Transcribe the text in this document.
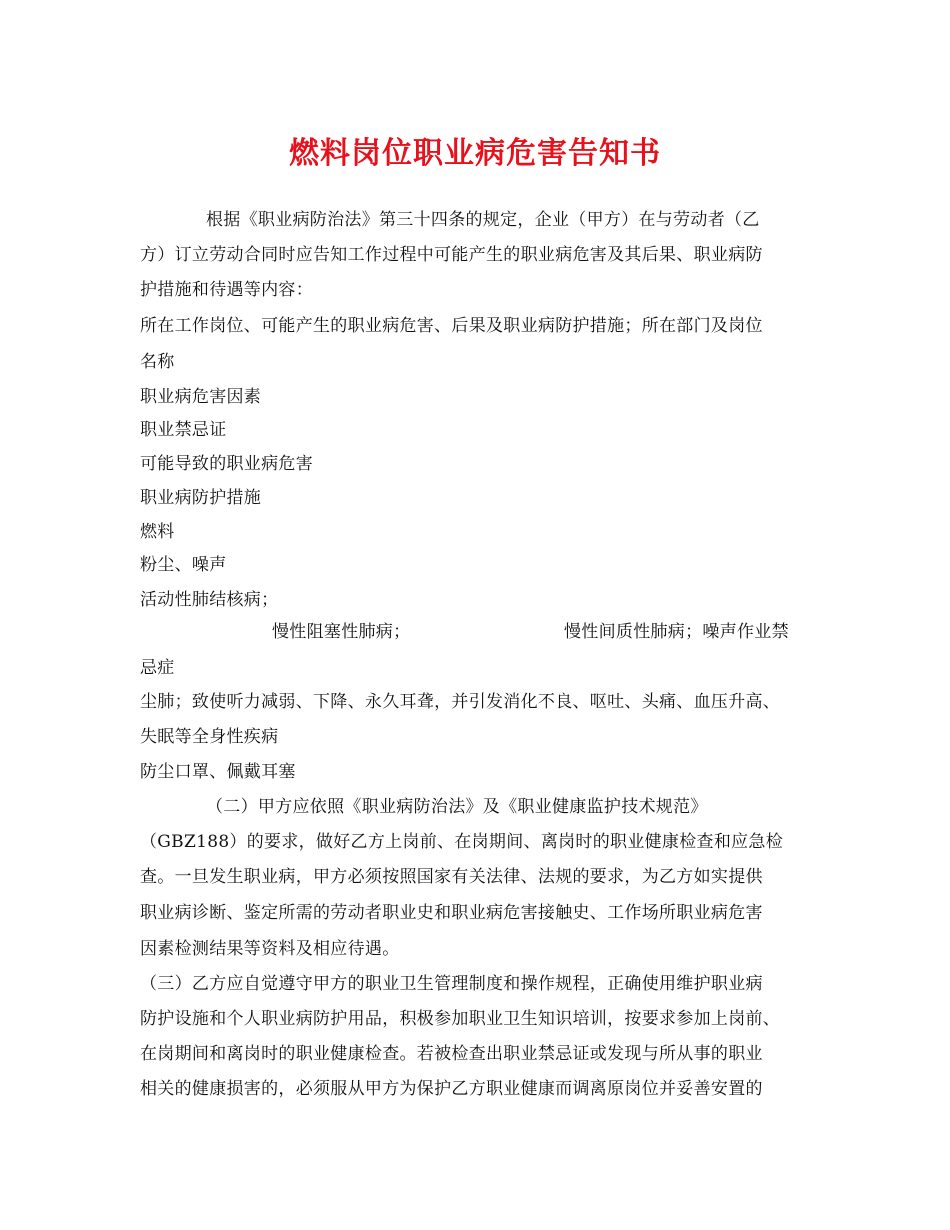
燃料岗位职业病危害告知书

根据《职业病防治法》第三十四条的规定，企业（甲方）在与劳动者（乙

方）订立劳动合同时应告知工作过程中可能产生的职业病危害及其后果、职业病防

护措施和待遇等内容：

所在工作岗位、可能产生的职业病危害、后果及职业病防护措施；所在部门及岗位

名称

职业病危害因素

职业禁忌证

可能导致的职业病危害

职业病防护措施

燃料

粉尘、噪声

活动性肺结核病；

慢性阻塞性肺病；	慢性间质性肺病；噪声作业禁

忌症

尘肺；致使听力减弱、下降、永久耳聋，并引发消化不良、呕吐、头痛、血压升高、

失眠等全身性疾病

防尘口罩、佩戴耳塞

（二）甲方应依照《职业病防治法》及《职业健康监护技术规范》

（GBZ188）的要求，做好乙方上岗前、在岗期间、离岗时的职业健康检查和应急检

查。一旦发生职业病，甲方必须按照国家有关法律、法规的要求，为乙方如实提供

职业病诊断、鉴定所需的劳动者职业史和职业病危害接触史、工作场所职业病危害

因素检测结果等资料及相应待遇。

（三）乙方应自觉遵守甲方的职业卫生管理制度和操作规程，正确使用维护职业病

防护设施和个人职业病防护用品，积极参加职业卫生知识培训，按要求参加上岗前、

在岗期间和离岗时的职业健康检查。若被检查出职业禁忌证或发现与所从事的职业

相关的健康损害的，必须服从甲方为保护乙方职业健康而调离原岗位并妥善安置的
